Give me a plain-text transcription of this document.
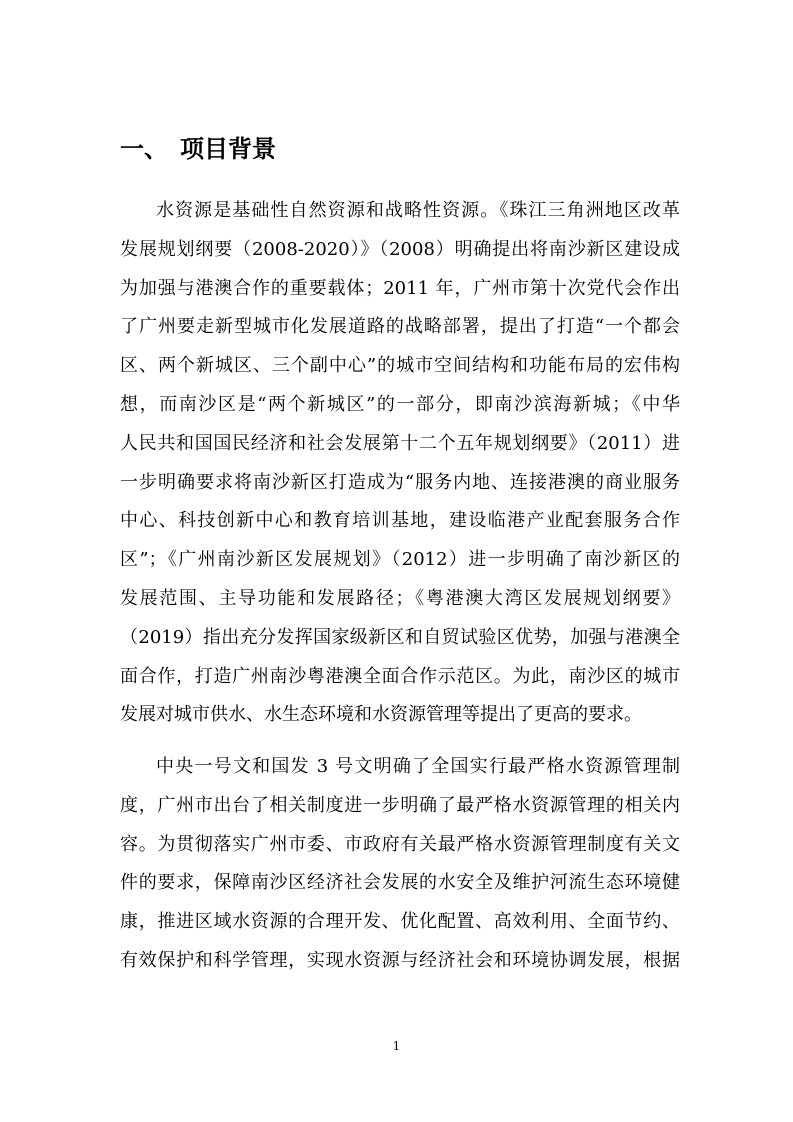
一、 项目背景
水资源是基础性自然资源和战略性资源。《珠江三角洲地区改革
发展规划纲要（2008-2020）》（2008）明确提出将南沙新区建设成
为加强与港澳合作的重要载体；2011 年，广州市第十次党代会作出
了广州要走新型城市化发展道路的战略部署，提出了打造“一个都会
区、两个新城区、三个副中心”的城市空间结构和功能布局的宏伟构
想，而南沙区是“两个新城区”的一部分，即南沙滨海新城；《中华
人民共和国国民经济和社会发展第十二个五年规划纲要》（2011）进
一步明确要求将南沙新区打造成为“服务内地、连接港澳的商业服务
中心、科技创新中心和教育培训基地，建设临港产业配套服务合作
区”；《广州南沙新区发展规划》（2012）进一步明确了南沙新区的
发展范围、主导功能和发展路径；《粤港澳大湾区发展规划纲要》
（2019）指出充分发挥国家级新区和自贸试验区优势，加强与港澳全
面合作，打造广州南沙粤港澳全面合作示范区。为此，南沙区的城市
发展对城市供水、水生态环境和水资源管理等提出了更高的要求。
中央一号文和国发 3 号文明确了全国实行最严格水资源管理制
度，广州市出台了相关制度进一步明确了最严格水资源管理的相关内
容。为贯彻落实广州市委、市政府有关最严格水资源管理制度有关文
件的要求，保障南沙区经济社会发展的水安全及维护河流生态环境健
康，推进区域水资源的合理开发、优化配置、高效利用、全面节约、
有效保护和科学管理，实现水资源与经济社会和环境协调发展，根据
1
